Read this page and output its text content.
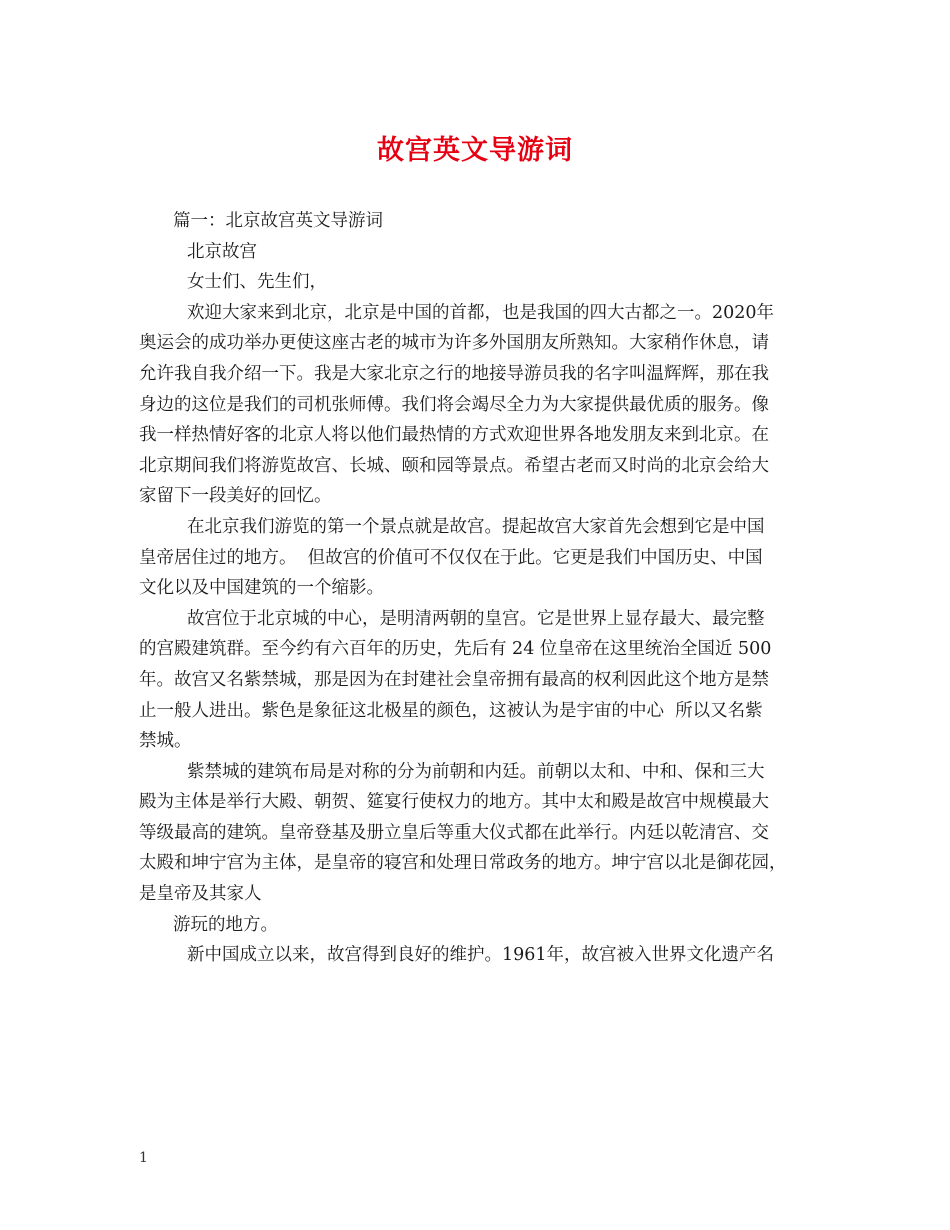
故宫英文导游词
篇一：北京故宫英文导游词
北京故宫
女士们、先生们，
欢迎大家来到北京，北京是中国的首都，也是我国的四大古都之一。2020年
奥运会的成功举办更使这座古老的城市为许多外国朋友所熟知。大家稍作休息，请
允许我自我介绍一下。我是大家北京之行的地接导游员我的名字叫温辉辉，那在我
身边的这位是我们的司机张师傅。我们将会竭尽全力为大家提供最优质的服务。像
我一样热情好客的北京人将以他们最热情的方式欢迎世界各地发朋友来到北京。在
北京期间我们将游览故宫、长城、颐和园等景点。希望古老而又时尚的北京会给大
家留下一段美好的回忆。
在北京我们游览的第一个景点就是故宫。提起故宫大家首先会想到它是中国
皇帝居住过的地方。  但故宫的价值可不仅仅在于此。它更是我们中国历史、中国
文化以及中国建筑的一个缩影。
故宫位于北京城的中心，是明清两朝的皇宫。它是世界上显存最大、最完整
的宫殿建筑群。至今约有六百年的历史，先后有 24 位皇帝在这里统治全国近 500
年。故宫又名紫禁城，那是因为在封建社会皇帝拥有最高的权利因此这个地方是禁
止一般人进出。紫色是象征这北极星的颜色，这被认为是宇宙的中心  所以又名紫
禁城。
紫禁城的建筑布局是对称的分为前朝和内廷。前朝以太和、中和、保和三大
殿为主体是举行大殿、朝贺、筵宴行使权力的地方。其中太和殿是故宫中规模最大
等级最高的建筑。皇帝登基及册立皇后等重大仪式都在此举行。内廷以乾清宫、交
太殿和坤宁宫为主体，是皇帝的寝宫和处理日常政务的地方。坤宁宫以北是御花园，
是皇帝及其家人
游玩的地方。
新中国成立以来，故宫得到良好的维护。1961年，故宫被入世界文化遗产名
1
